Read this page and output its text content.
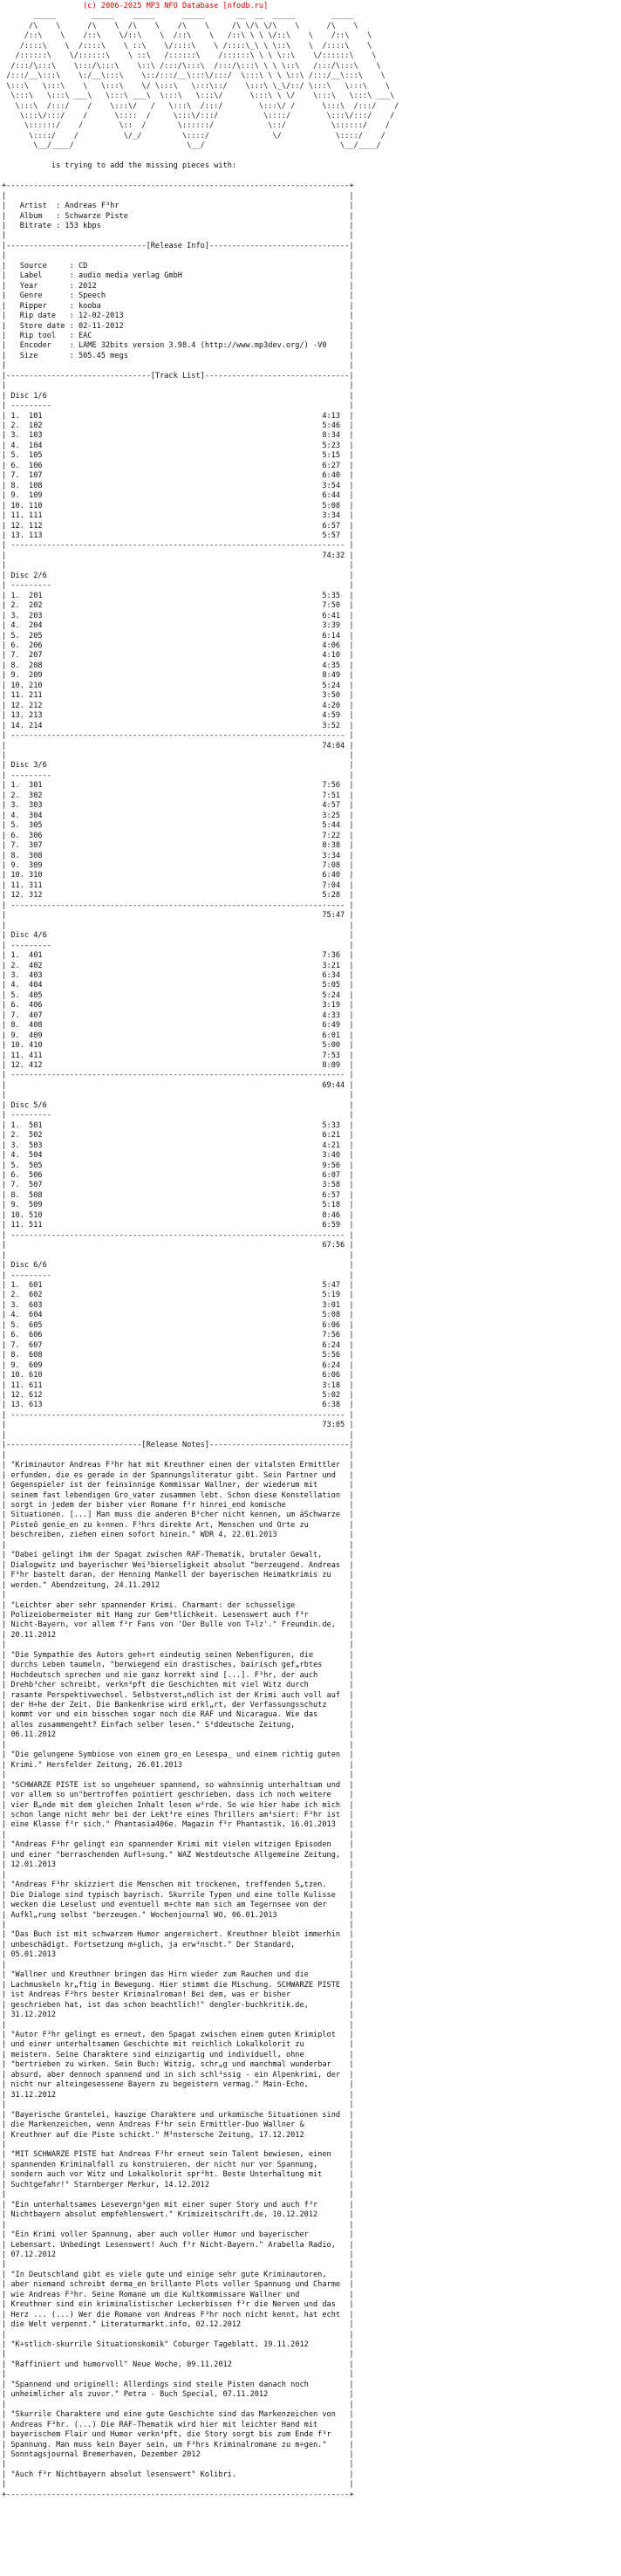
(c) 2006-2025 MP3 NFO Database [nfodb.ru]
_____        _____    _____      _____       __  __  _____        _____
/\    \      /\    \  /\    \    /\    \     /\ \/\ \/\    \      /\    \
/::\    \    /::\    \/::\    \  /::\    \   /::\ \ \ \/::\    \    /::\    \
/::::\    \  /::::\    \ ::\    \/::::\    \ /::::\_\ \ \::\    \  /::::\    \
/::::::\    \/::::::\    \ ::\   /::::::\    /::::::\ \ \ \::\    \/::::::\    \
/:::/\:::\    \:::/\:::\    \::\ /:::/\:::\  /:::/\:::\ \ \ \::\   /:::/\:::\    \
/:::/__\:::\    \:/__\:::\    \::/:::/__\:::\/:::/  \:::\ \ \ \::\ /:::/__\:::\    \
\:::\   \:::\    \   \:::\    \/ \:::\   \:::\::/    \:::\ \_\/::/ \:::\   \:::\    \
\:::\   \:::\ ___\   \:::\ ___\  \:::\   \:::\/      \:::\ \ \/    \:::\   \:::\ ___\
\:::\  /:::/    /    \:::\/   /   \:::\  /:::/        \:::\/ /      \:::\  /:::/    /
\:::\/:::/    /      \::::  /     \:::\/:::/          \::::/        \:::\/:::/    /
\::::::/    /        \::  /       \::::::/            \::/          \::::::/    /
\::::/    /          \/_/         \::::/              \/            \::::/    /
\__/____/                         \__/                              \__/____/

is trying to add the missing pieces with:

+----------------------------------------------------------------------------+
|                                                                            |
|   Artist  : Andreas F³hr                                                   |
|   Album   : Schwarze Piste                                                 |
|   Bitrate : 153 kbps                                                       |
|                                                                            |
|-------------------------------[Release Info]-------------------------------|
|                                                                            |
|   Source     : CD                                                          |
|   Label      : audio media verlag GmbH                                     |
|   Year       : 2012                                                        |
|   Genre      : Speech                                                      |
|   Ripper     : kooba                                                       |
|   Rip date   : 12-02-2013                                                  |
|   Store date : 02-11-2012                                                  |
|   Rip tool   : EAC                                                         |
|   Encoder    : LAME 32bits version 3.98.4 (http://www.mp3dev.org/) -V0     |
|   Size       : 505.45 megs                                                 |
|                                                                            |
|--------------------------------[Track List]--------------------------------|
|                                                                            |
| Disc 1/6                                                                   |
| ---------                                                                  |
| 1.  101                                                              4:13  |
| 2.  102                                                              5:46  |
| 3.  103                                                              8:34  |
| 4.  104                                                              5:23  |
| 5.  105                                                              5:15  |
| 6.  106                                                              6:27  |
| 7.  107                                                              6:40  |
| 8.  108                                                              3:54  |
| 9.  109                                                              6:44  |
| 10. 110                                                              5:08  |
| 11. 111                                                              3:34  |
| 12. 112                                                              6:57  |
| 13. 113                                                              5:57  |
| -------------------------------------------------------------------------- |
|                                                                      74:32 |
|                                                                            |
| Disc 2/6                                                                   |
| ---------                                                                  |
| 1.  201                                                              5:35  |
| 2.  202                                                              7:50  |
| 3.  203                                                              6:41  |
| 4.  204                                                              3:39  |
| 5.  205                                                              6:14  |
| 6.  206                                                              4:06  |
| 7.  207                                                              4:10  |
| 8.  208                                                              4:35  |
| 9.  209                                                              8:49  |
| 10. 210                                                              5:24  |
| 11. 211                                                              3:50  |
| 12. 212                                                              4:20  |
| 13. 213                                                              4:59  |
| 14. 214                                                              3:52  |
| -------------------------------------------------------------------------- |
|                                                                      74:04 |
|                                                                            |
| Disc 3/6                                                                   |
| ---------                                                                  |
| 1.  301                                                              7:56  |
| 2.  302                                                              7:51  |
| 3.  303                                                              4:57  |
| 4.  304                                                              3:25  |
| 5.  305                                                              5:44  |
| 6.  306                                                              7:22  |
| 7.  307                                                              8:38  |
| 8.  308                                                              3:34  |
| 9.  309                                                              7:08  |
| 10. 310                                                              6:40  |
| 11. 311                                                              7:04  |
| 12. 312                                                              5:28  |
| -------------------------------------------------------------------------- |
|                                                                      75:47 |
|                                                                            |
| Disc 4/6                                                                   |
| ---------                                                                  |
| 1.  401                                                              7:36  |
| 2.  402                                                              3:21  |
| 3.  403                                                              6:34  |
| 4.  404                                                              5:05  |
| 5.  405                                                              5:24  |
| 6.  406                                                              3:19  |
| 7.  407                                                              4:33  |
| 8.  408                                                              6:49  |
| 9.  409                                                              6:01  |
| 10. 410                                                              5:00  |
| 11. 411                                                              7:53  |
| 12. 412                                                              8:09  |
| -------------------------------------------------------------------------- |
|                                                                      69:44 |
|                                                                            |
| Disc 5/6                                                                   |
| ---------                                                                  |
| 1.  501                                                              5:33  |
| 2.  502                                                              6:21  |
| 3.  503                                                              4:21  |
| 4.  504                                                              3:40  |
| 5.  505                                                              9:56  |
| 6.  506                                                              6:07  |
| 7.  507                                                              3:58  |
| 8.  508                                                              6:57  |
| 9.  509                                                              5:18  |
| 10. 510                                                              8:46  |
| 11. 511                                                              6:59  |
| -------------------------------------------------------------------------- |
|                                                                      67:56 |
|                                                                            |
| Disc 6/6                                                                   |
| ---------                                                                  |
| 1.  601                                                              5:47  |
| 2.  602                                                              5:19  |
| 3.  603                                                              3:01  |
| 4.  604                                                              5:08  |
| 5.  605                                                              6:06  |
| 6.  606                                                              7:56  |
| 7.  607                                                              6:24  |
| 8.  608                                                              5:56  |
| 9.  609                                                              6:24  |
| 10. 610                                                              6:06  |
| 11. 611                                                              3:18  |
| 12. 612                                                              5:02  |
| 13. 613                                                              6:38  |
| -------------------------------------------------------------------------- |
|                                                                      73:05 |
|                                                                            |
|------------------------------[Release Notes]-------------------------------|
|                                                                            |
| "Kriminautor Andreas F³hr hat mit Kreuthner einen der vitalsten Ermittler  |
| erfunden, die es gerade in der Spannungsliteratur gibt. Sein Partner und   |
| Gegenspieler ist der feinsinnige Kommissar Wallner, der wiederum mit       |
| seinem fast lebendigen Gro_vater zusammen lebt. Schon diese Konstellation  |
| sorgt in jedem der bisher vier Romane f³r hinrei_end komische              |
| Situationen. [...] Man muss die anderen B³cher nicht kennen, um äSchwarze  |
| Pisteô genie_en zu k÷nnen. F³hrs direkte Art, Menschen und Orte zu         |
| beschreiben, ziehen einen sofort hinein." WDR 4, 22.01.2013                |
|                                                                            |
| "Dabei gelingt ihm der Spagat zwischen RAF-Thematik, brutaler Gewalt,      |
| Dialogwitz und bayerischer Wei³bierseligkeit absolut "berzeugend. Andreas  |
| F³hr bastelt daran, der Henning Mankell der bayerischen Heimatkrimis zu    |
| werden." Abendzeitung, 24.11.2012                                          |
|                                                                            |
| "Leichter aber sehr spannender Krimi. Charmant: der schusselige            |
| Polizeiobermeister mit Hang zur Gem³tlichkeit. Lesenswert auch f³r         |
| Nicht-Bayern, vor allem f³r Fans von 'Der Bulle von T÷lz'." Freundin.de,   |
| 20.11.2012                                                                 |
|                                                                            |
| "Die Sympathie des Autors geh÷rt eindeutig seinen Nebenfiguren, die        |
| durchs Leben taumeln, "berwiegend ein drastisches, bairisch gef„rbtes      |
| Hochdeutsch sprechen und nie ganz korrekt sind [...]. F³hr, der auch       |
| Drehb³cher schreibt, verkn³pft die Geschichten mit viel Witz durch         |
| rasante Perspektivwechsel. Selbstverst„ndlich ist der Krimi auch voll auf  |
| der H÷he der Zeit. Die Bankenkrise wird erkl„rt, der Verfassungsschutz     |
| kommt vor und ein bisschen sogar noch die RAF und Nicaragua. Wie das       |
| alles zusammengeht? Einfach selber lesen." S³ddeutsche Zeitung,            |
| 06.11.2012                                                                 |
|                                                                            |
| "Die gelungene Symbiose von einem gro_en Lesespa_ und einem richtig guten  |
| Krimi." Hersfelder Zeitung, 26.01.2013                                     |
|                                                                            |
| "SCHWARZE PISTE ist so ungeheuer spannend, so wahnsinnig unterhaltsam und  |
| vor allem so un"bertroffen pointiert geschrieben, dass ich noch weitere    |
| vier B„nde mit dem gleichen Inhalt lesen w³rde. So wie hier habe ich mich  |
| schon lange nicht mehr bei der Lekt³re eines Thrillers am³siert: F³hr ist  |
| eine Klasse f³r sich." Phantasia406e. Magazin f³r Phantastik, 16.01.2013   |
|                                                                            |
| "Andreas F³hr gelingt ein spannender Krimi mit vielen witzigen Episoden    |
| und einer "berraschenden Aufl÷sung." WAZ Westdeutsche Allgemeine Zeitung,  |
| 12.01.2013                                                                 |
|                                                                            |
| "Andreas F³hr skizziert die Menschen mit trockenen, treffenden S„tzen.     |
| Die Dialoge sind typisch bayrisch. Skurrile Typen und eine tolle Kulisse   |
| wecken die Leselust und eventuell m÷chte man sich am Tegernsee von der     |
| Aufkl„rung selbst "berzeugen." Wochenjournal WO, 06.01.2013                |
|                                                                            |
| "Das Buch ist mit schwarzem Humor angereichert. Kreuthner bleibt immerhin  |
| unbeschädigt. Fortsetzung m÷glich, ja erw³nscht." Der Standard,            |
| 05.01.2013                                                                 |
|                                                                            |
| "Wallner und Kreuthner bringen das Hirn wieder zum Rauchen und die         |
| Lachmuskeln kr„ftig in Bewegung. Hier stimmt die Mischung. SCHWARZE PISTE  |
| ist Andreas F³hrs bester Kriminalroman! Bei dem, was er bisher             |
| geschrieben hat, ist das schon beachtlich!" dengler-buchkritik.de,         |
| 31.12.2012                                                                 |
|                                                                            |
| "Autor F³hr gelingt es erneut, den Spagat zwischen einem guten Krimiplot   |
| und einer unterhaltsamen Geschichte mit reichlich Lokalkolorit zu          |
| meistern. Seine Charaktere sind einzigartig und individuell, ohne          |
| "bertrieben zu wirken. Sein Buch: Witzig, schr„g und manchmal wunderbar    |
| absurd, aber dennoch spannend und in sich schl³ssig - ein Alpenkrimi, der  |
| nicht nur alteingesessene Bayern zu begeistern vermag." Main-Echo,         |
| 31.12.2012                                                                 |
|                                                                            |
| "Bayerische Grantelei, kauzige Charaktere und urkomische Situationen sind  |
| die Markenzeichen, wenn Andreas F³hr sein Ermittler-Duo Wallner &          |
| Kreuthner auf die Piste schickt." M³nstersche Zeitung, 17.12.2012          |
|                                                                            |
| "MIT SCHWARZE PISTE hat Andreas F³hr erneut sein Talent bewiesen, einen    |
| spannenden Kriminalfall zu konstruieren, der nicht nur vor Spannung,       |
| sondern auch vor Witz und Lokalkolorit spr³ht. Beste Unterhaltung mit      |
| Suchtgefahr!" Starnberger Merkur, 14.12.2012                               |
|                                                                            |
| "Ein unterhaltsames Lesevergn³gen mit einer super Story und auch f³r       |
| Nichtbayern absolut empfehlenswert." Krimizeitschrift.de, 10.12.2012       |
|                                                                            |
| "Ein Krimi voller Spannung, aber auch voller Humor und bayerischer         |
| Lebensart. Unbedingt Lesenswert! Auch f³r Nicht-Bayern." Arabella Radio,   |
| 07.12.2012                                                                 |
|                                                                            |
| "In Deutschland gibt es viele gute und einige sehr gute Kriminautoren,     |
| aber niemand schreibt derma_en brillante Plots voller Spannung und Charme  |
| wie Andreas F³hr. Seine Romane um die Kultkommissare Wallner und           |
| Kreuthner sind ein kriminalistischer Leckerbissen f³r die Nerven und das   |
| Herz ... (...) Wer die Romane von Andreas F³hr noch nicht kennt, hat echt  |
| die Welt verpennt." Literaturmarkt.info, 02.12.2012                        |
|                                                                            |
| "K÷stlich-skurrile Situationskomik" Coburger Tageblatt, 19.11.2012         |
|                                                                            |
| "Raffiniert und humorvoll" Neue Woche, 09.11.2012                          |
|                                                                            |
| "Spannend und originell: Allerdings sind steile Pisten danach noch         |
| unheimlicher als zuvor." Petra - Buch Special, 07.11.2012                  |
|                                                                            |
| "Skurrile Charaktere und eine gute Geschichte sind das Markenzeichen von   |
| Andreas F³hr. (...) Die RAF-Thematik wird hier mit leichter Hand mit       |
| bayerischem Flair und Humor verkn³pft, die Story sorgt bis zum Ende f³r    |
| Spannung. Man muss kein Bayer sein, um F³hrs Kriminalromane zu m÷gen."     |
| Sonntagsjournal Bremerhaven, Dezember 2012                                 |
|                                                                            |
| "Auch f³r Nichtbayern absolut lesenswert" Kolibri.                         |
|                                                                            |
+----------------------------------------------------------------------------+
